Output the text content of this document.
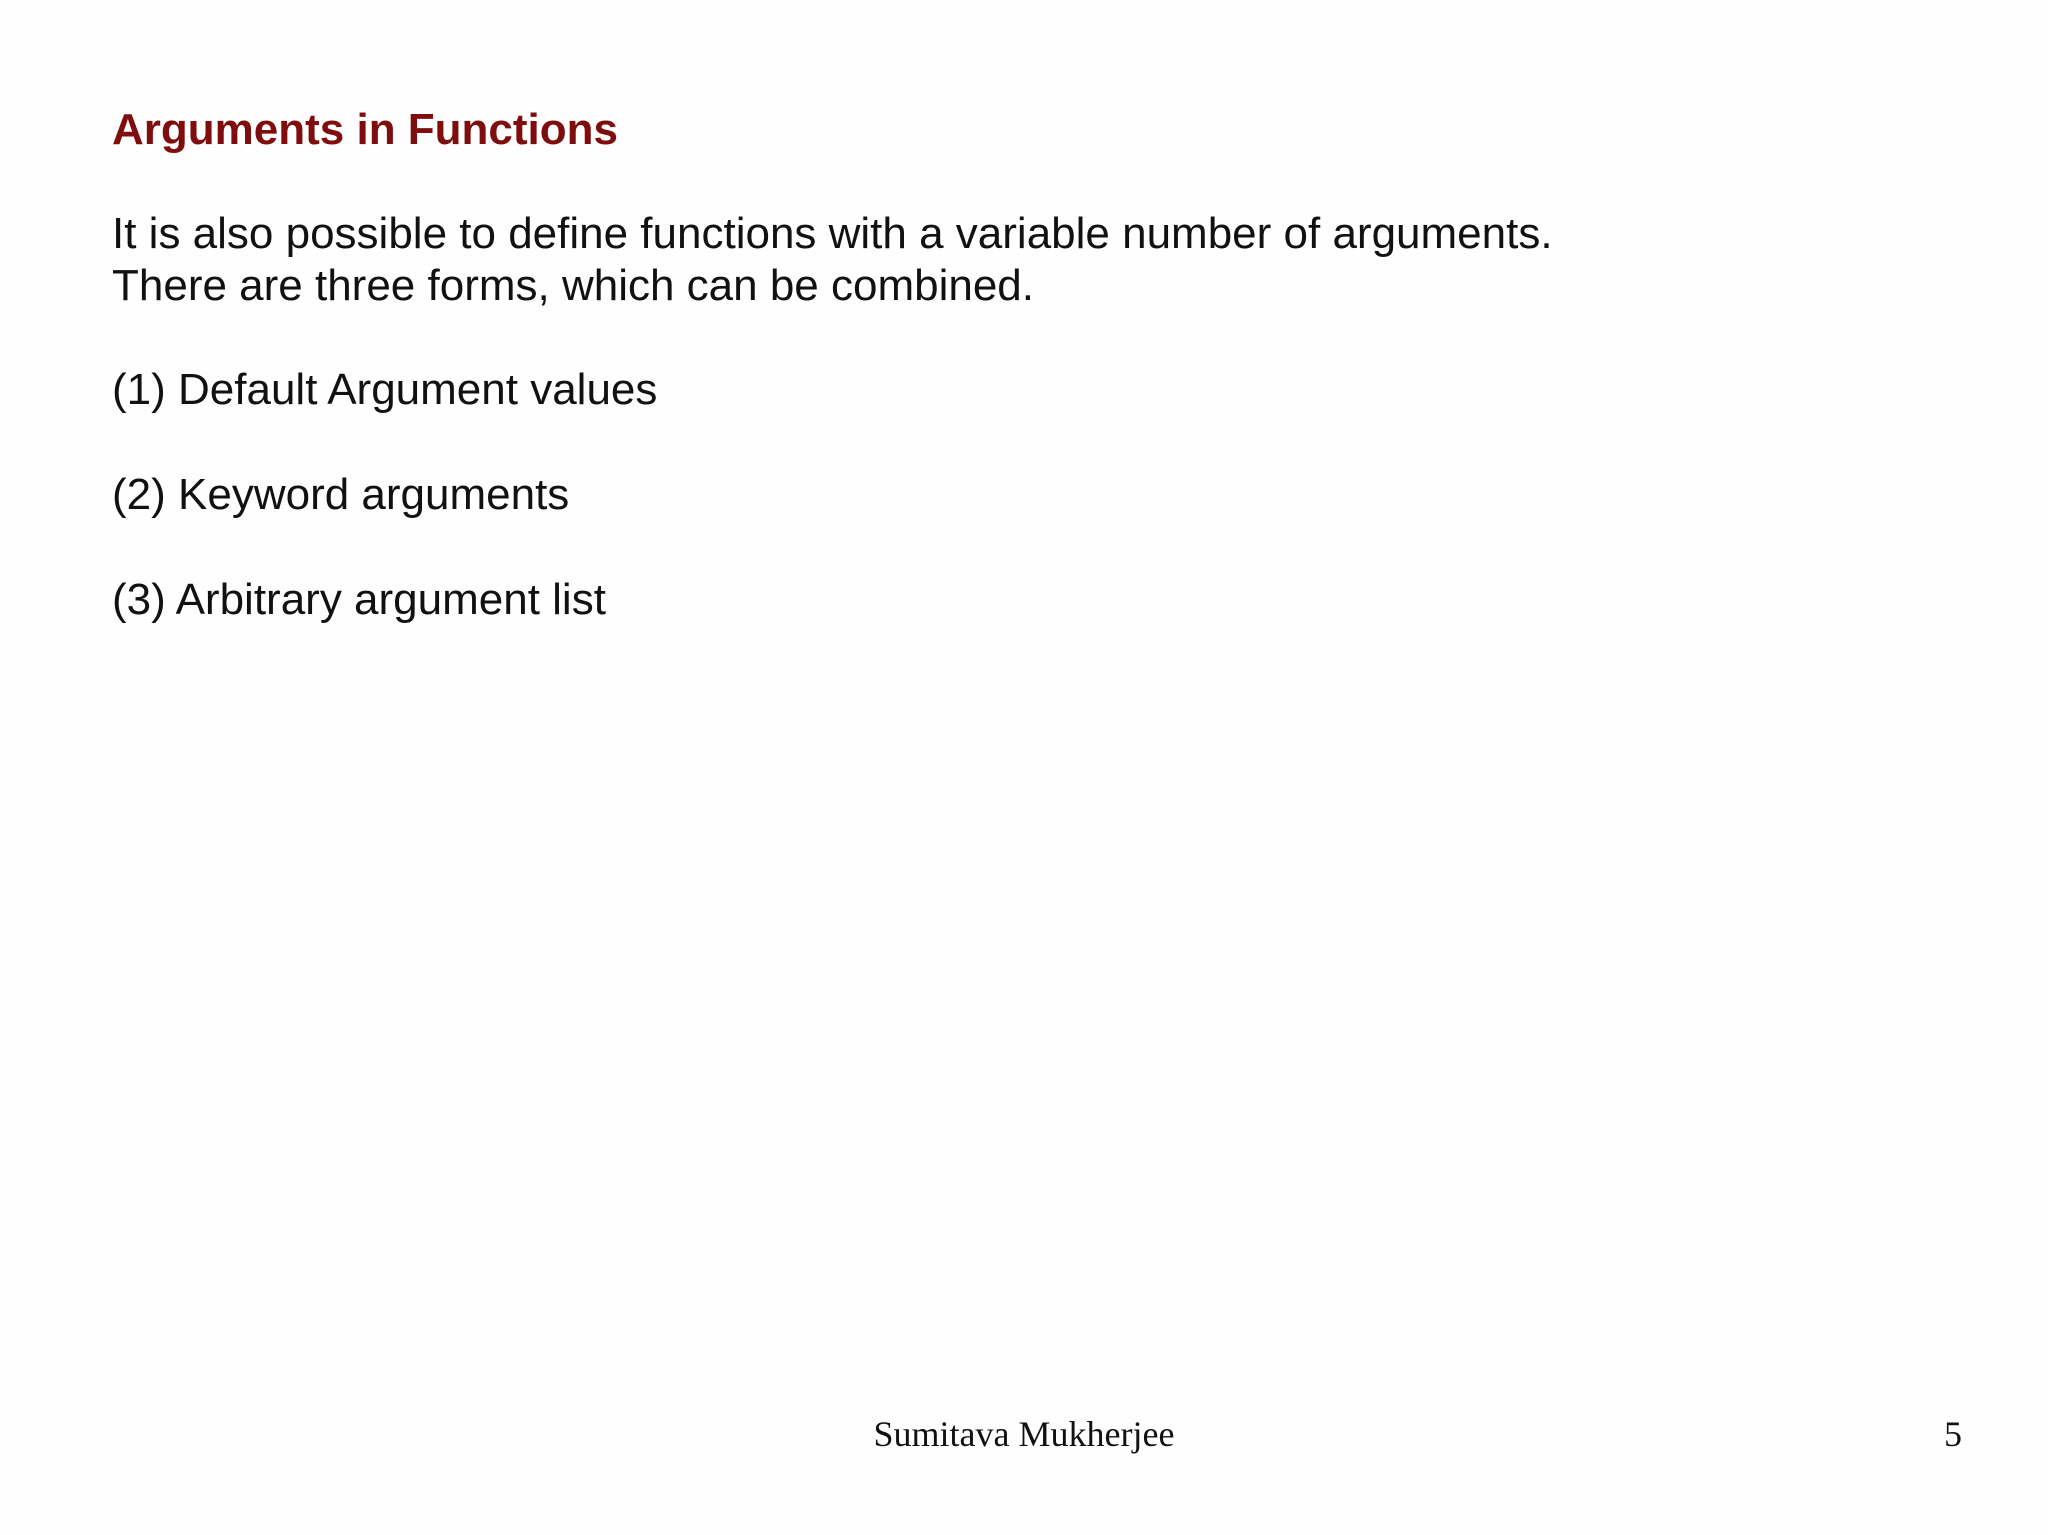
Arguments in Functions

It is also possible to define functions with a variable number of arguments.
There are three forms, which can be combined.

(1) Default Argument values
(2) Keyword arguments
(3) Arbitrary argument list
Sumitava Mukherjee	5
